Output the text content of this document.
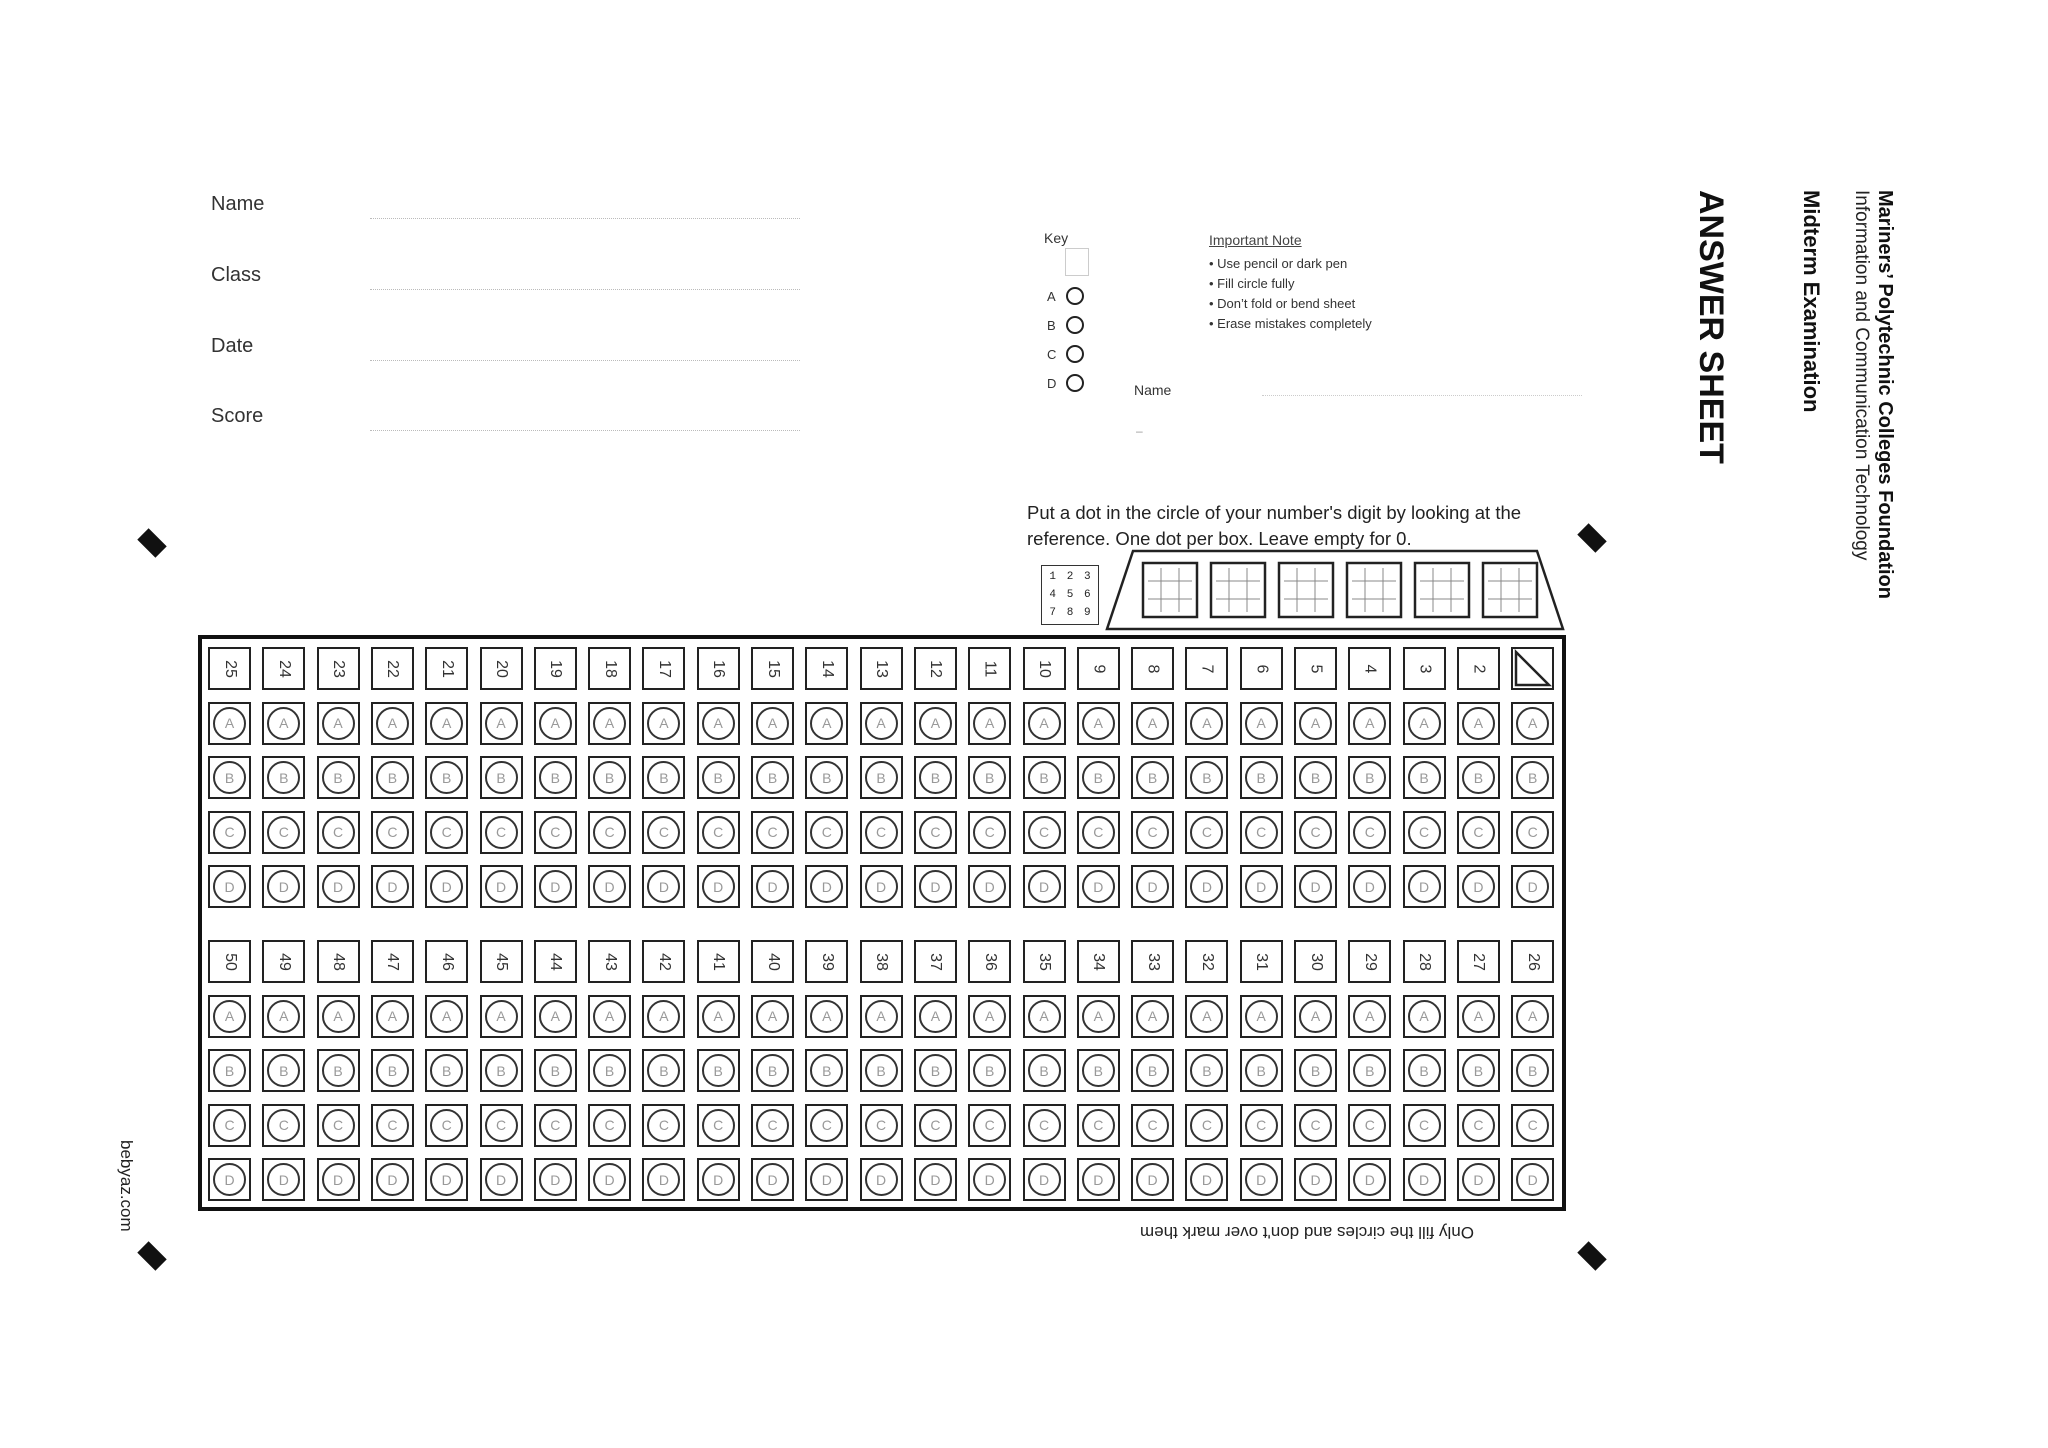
Name
Class
Date
Score
Key
A
B
C
D
Important Note
• Use pencil or dark pen
• Fill circle fully
• Don’t fold or bend sheet
• Erase mistakes completely
Name
–	Mariners’ Polytechnic Colleges Foundation
Information and Communication Technology
Midterm Examination
ANSWER SHEET
Put a dot in the circle of your number's digit by looking at the reference. One dot per box. Leave empty for 0.
1 2 3
4 5 6
7 8 9
25
A
B
C
D
50
A
B
C
D
24
A
B
C
D
49
A
B
C
D
23
A
B
C
D
48
A
B
C
D
22
A
B
C
D
47
A
B
C
D
21
A
B
C
D
46
A
B
C
D
20
A
B
C
D
45
A
B
C
D
19
A
B
C
D
44
A
B
C
D
18
A
B
C
D
43
A
B
C
D
17
A
B
C
D
42
A
B
C
D
16
A
B
C
D
41
A
B
C
D
15
A
B
C
D
40
A
B
C
D
14
A
B
C
D
39
A
B
C
D
13
A
B
C
D
38
A
B
C
D
12
A
B
C
D
37
A
B
C
D
11
A
B
C
D
36
A
B
C
D
10
A
B
C
D
35
A
B
C
D
9
A
B
C
D
34
A
B
C
D
8
A
B
C
D
33
A
B
C
D
7
A
B
C
D
32
A
B
C
D
6
A
B
C
D
31
A
B
C
D
5
A
B
C
D
30
A
B
C
D
4
A
B
C
D
29
A
B
C
D
3
A
B
C
D
28
A
B
C
D
2
A
B
C
D
27
A
B
C
D
A
B
C
D
26
A
B
C
D
Only fill the circles and don't over mark them
bebyaz.com
